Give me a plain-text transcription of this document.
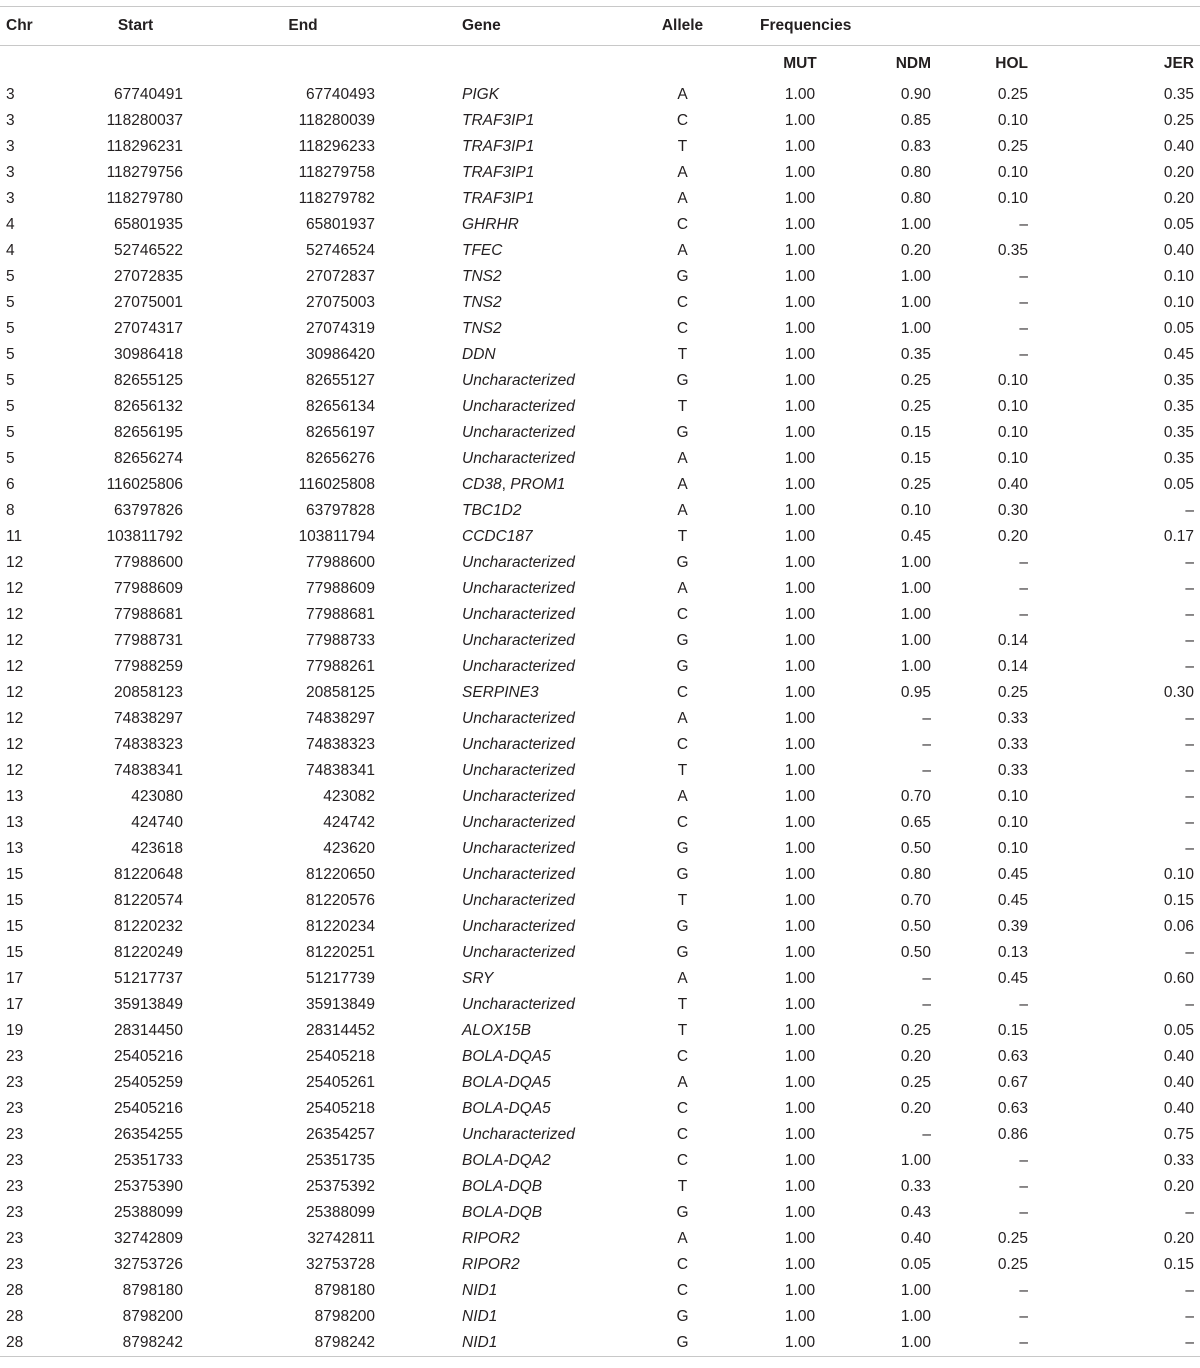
Chr	Start	End	Gene	Allele	Frequencies			
					MUT	NDM	HOL	JER
3	67740491	67740493	PIGK	A	1.00	0.90	0.25	0.35
3	118280037	118280039	TRAF3IP1	C	1.00	0.85	0.10	0.25
3	118296231	118296233	TRAF3IP1	T	1.00	0.83	0.25	0.40
3	118279756	118279758	TRAF3IP1	A	1.00	0.80	0.10	0.20
3	118279780	118279782	TRAF3IP1	A	1.00	0.80	0.10	0.20
4	65801935	65801937	GHRHR	C	1.00	1.00	–	0.05
4	52746522	52746524	TFEC	A	1.00	0.20	0.35	0.40
5	27072835	27072837	TNS2	G	1.00	1.00	–	0.10
5	27075001	27075003	TNS2	C	1.00	1.00	–	0.10
5	27074317	27074319	TNS2	C	1.00	1.00	–	0.05
5	30986418	30986420	DDN	T	1.00	0.35	–	0.45
5	82655125	82655127	Uncharacterized	G	1.00	0.25	0.10	0.35
5	82656132	82656134	Uncharacterized	T	1.00	0.25	0.10	0.35
5	82656195	82656197	Uncharacterized	G	1.00	0.15	0.10	0.35
5	82656274	82656276	Uncharacterized	A	1.00	0.15	0.10	0.35
6	116025806	116025808	CD38, PROM1	A	1.00	0.25	0.40	0.05
8	63797826	63797828	TBC1D2	A	1.00	0.10	0.30	–
11	103811792	103811794	CCDC187	T	1.00	0.45	0.20	0.17
12	77988600	77988600	Uncharacterized	G	1.00	1.00	–	–
12	77988609	77988609	Uncharacterized	A	1.00	1.00	–	–
12	77988681	77988681	Uncharacterized	C	1.00	1.00	–	–
12	77988731	77988733	Uncharacterized	G	1.00	1.00	0.14	–
12	77988259	77988261	Uncharacterized	G	1.00	1.00	0.14	–
12	20858123	20858125	SERPINE3	C	1.00	0.95	0.25	0.30
12	74838297	74838297	Uncharacterized	A	1.00	–	0.33	–
12	74838323	74838323	Uncharacterized	C	1.00	–	0.33	–
12	74838341	74838341	Uncharacterized	T	1.00	–	0.33	–
13	423080	423082	Uncharacterized	A	1.00	0.70	0.10	–
13	424740	424742	Uncharacterized	C	1.00	0.65	0.10	–
13	423618	423620	Uncharacterized	G	1.00	0.50	0.10	–
15	81220648	81220650	Uncharacterized	G	1.00	0.80	0.45	0.10
15	81220574	81220576	Uncharacterized	T	1.00	0.70	0.45	0.15
15	81220232	81220234	Uncharacterized	G	1.00	0.50	0.39	0.06
15	81220249	81220251	Uncharacterized	G	1.00	0.50	0.13	–
17	51217737	51217739	SRY	A	1.00	–	0.45	0.60
17	35913849	35913849	Uncharacterized	T	1.00	–	–	–
19	28314450	28314452	ALOX15B	T	1.00	0.25	0.15	0.05
23	25405216	25405218	BOLA-DQA5	C	1.00	0.20	0.63	0.40
23	25405259	25405261	BOLA-DQA5	A	1.00	0.25	0.67	0.40
23	25405216	25405218	BOLA-DQA5	C	1.00	0.20	0.63	0.40
23	26354255	26354257	Uncharacterized	C	1.00	–	0.86	0.75
23	25351733	25351735	BOLA-DQA2	C	1.00	1.00	–	0.33
23	25375390	25375392	BOLA-DQB	T	1.00	0.33	–	0.20
23	25388099	25388099	BOLA-DQB	G	1.00	0.43	–	–
23	32742809	32742811	RIPOR2	A	1.00	0.40	0.25	0.20
23	32753726	32753728	RIPOR2	C	1.00	0.05	0.25	0.15
28	8798180	8798180	NID1	C	1.00	1.00	–	–
28	8798200	8798200	NID1	G	1.00	1.00	–	–
28	8798242	8798242	NID1	G	1.00	1.00	–	–
